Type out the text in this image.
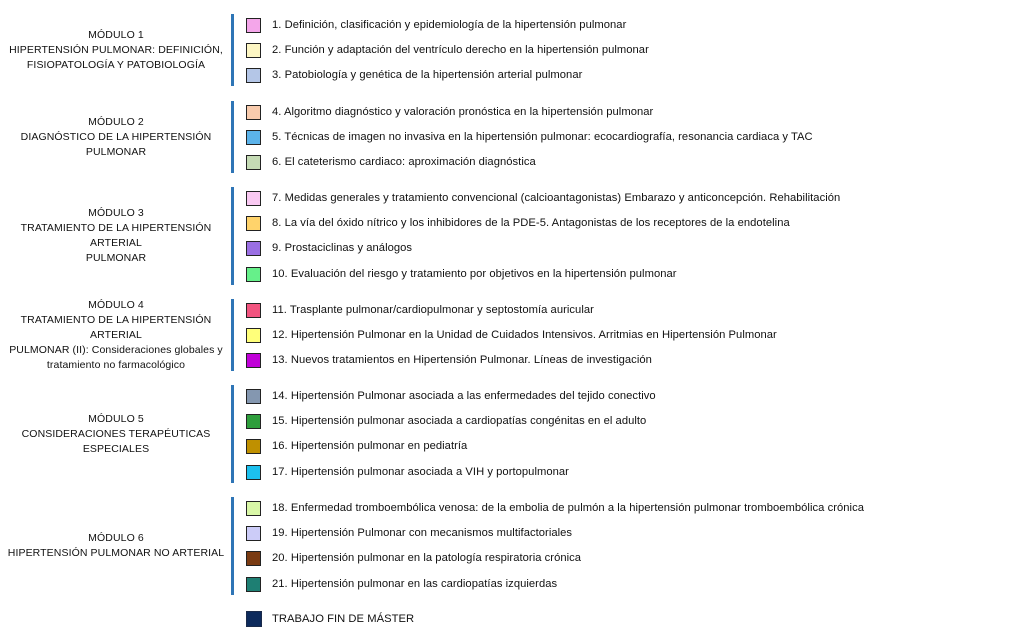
MÓDULO 1
HIPERTENSIÓN PULMONAR: DEFINICIÓN,
FISIOPATOLOGÍA Y PATOBIOLOGÍA
1. Definición, clasificación y epidemiología de la hipertensión pulmonar
2. Función y adaptación del ventrículo derecho en la hipertensión pulmonar
3. Patobiología y genética de la hipertensión arterial pulmonar
MÓDULO 2
DIAGNÓSTICO DE LA HIPERTENSIÓN
PULMONAR
4. Algoritmo diagnóstico y valoración pronóstica en la hipertensión pulmonar
5. Técnicas de imagen no invasiva en la hipertensión pulmonar: ecocardiografía, resonancia cardiaca y TAC
6. El cateterismo cardiaco: aproximación diagnóstica
MÓDULO 3
TRATAMIENTO DE LA HIPERTENSIÓN ARTERIAL
PULMONAR
7. Medidas generales y tratamiento convencional (calcioantagonistas) Embarazo y anticoncepción. Rehabilitación
8. La vía del óxido nítrico y los inhibidores de la PDE-5. Antagonistas de los receptores de la endotelina
9. Prostaciclinas y análogos
10. Evaluación del riesgo y tratamiento por objetivos en la hipertensión pulmonar
MÓDULO 4
TRATAMIENTO DE LA HIPERTENSIÓN ARTERIAL
PULMONAR (II): Consideraciones globales y
tratamiento no farmacológico
11. Trasplante pulmonar/cardiopulmonar y septostomía auricular
12. Hipertensión Pulmonar en la Unidad de Cuidados Intensivos. Arritmias en Hipertensión Pulmonar
13. Nuevos tratamientos en Hipertensión Pulmonar. Líneas de investigación
MÓDULO 5
CONSIDERACIONES TERAPÉUTICAS ESPECIALES
14. Hipertensión Pulmonar asociada a las enfermedades del tejido conectivo
15. Hipertensión pulmonar asociada a cardiopatías congénitas en el adulto
16. Hipertensión pulmonar en pediatría
17. Hipertensión pulmonar asociada a VIH y portopulmonar
MÓDULO 6
HIPERTENSIÓN PULMONAR NO ARTERIAL
18. Enfermedad tromboembólica venosa: de la embolia de pulmón a la hipertensión pulmonar tromboembólica crónica
19. Hipertensión Pulmonar con mecanismos multifactoriales
20. Hipertensión pulmonar en la patología respiratoria crónica
21. Hipertensión pulmonar en las cardiopatías izquierdas
TRABAJO FIN DE MÁSTER
